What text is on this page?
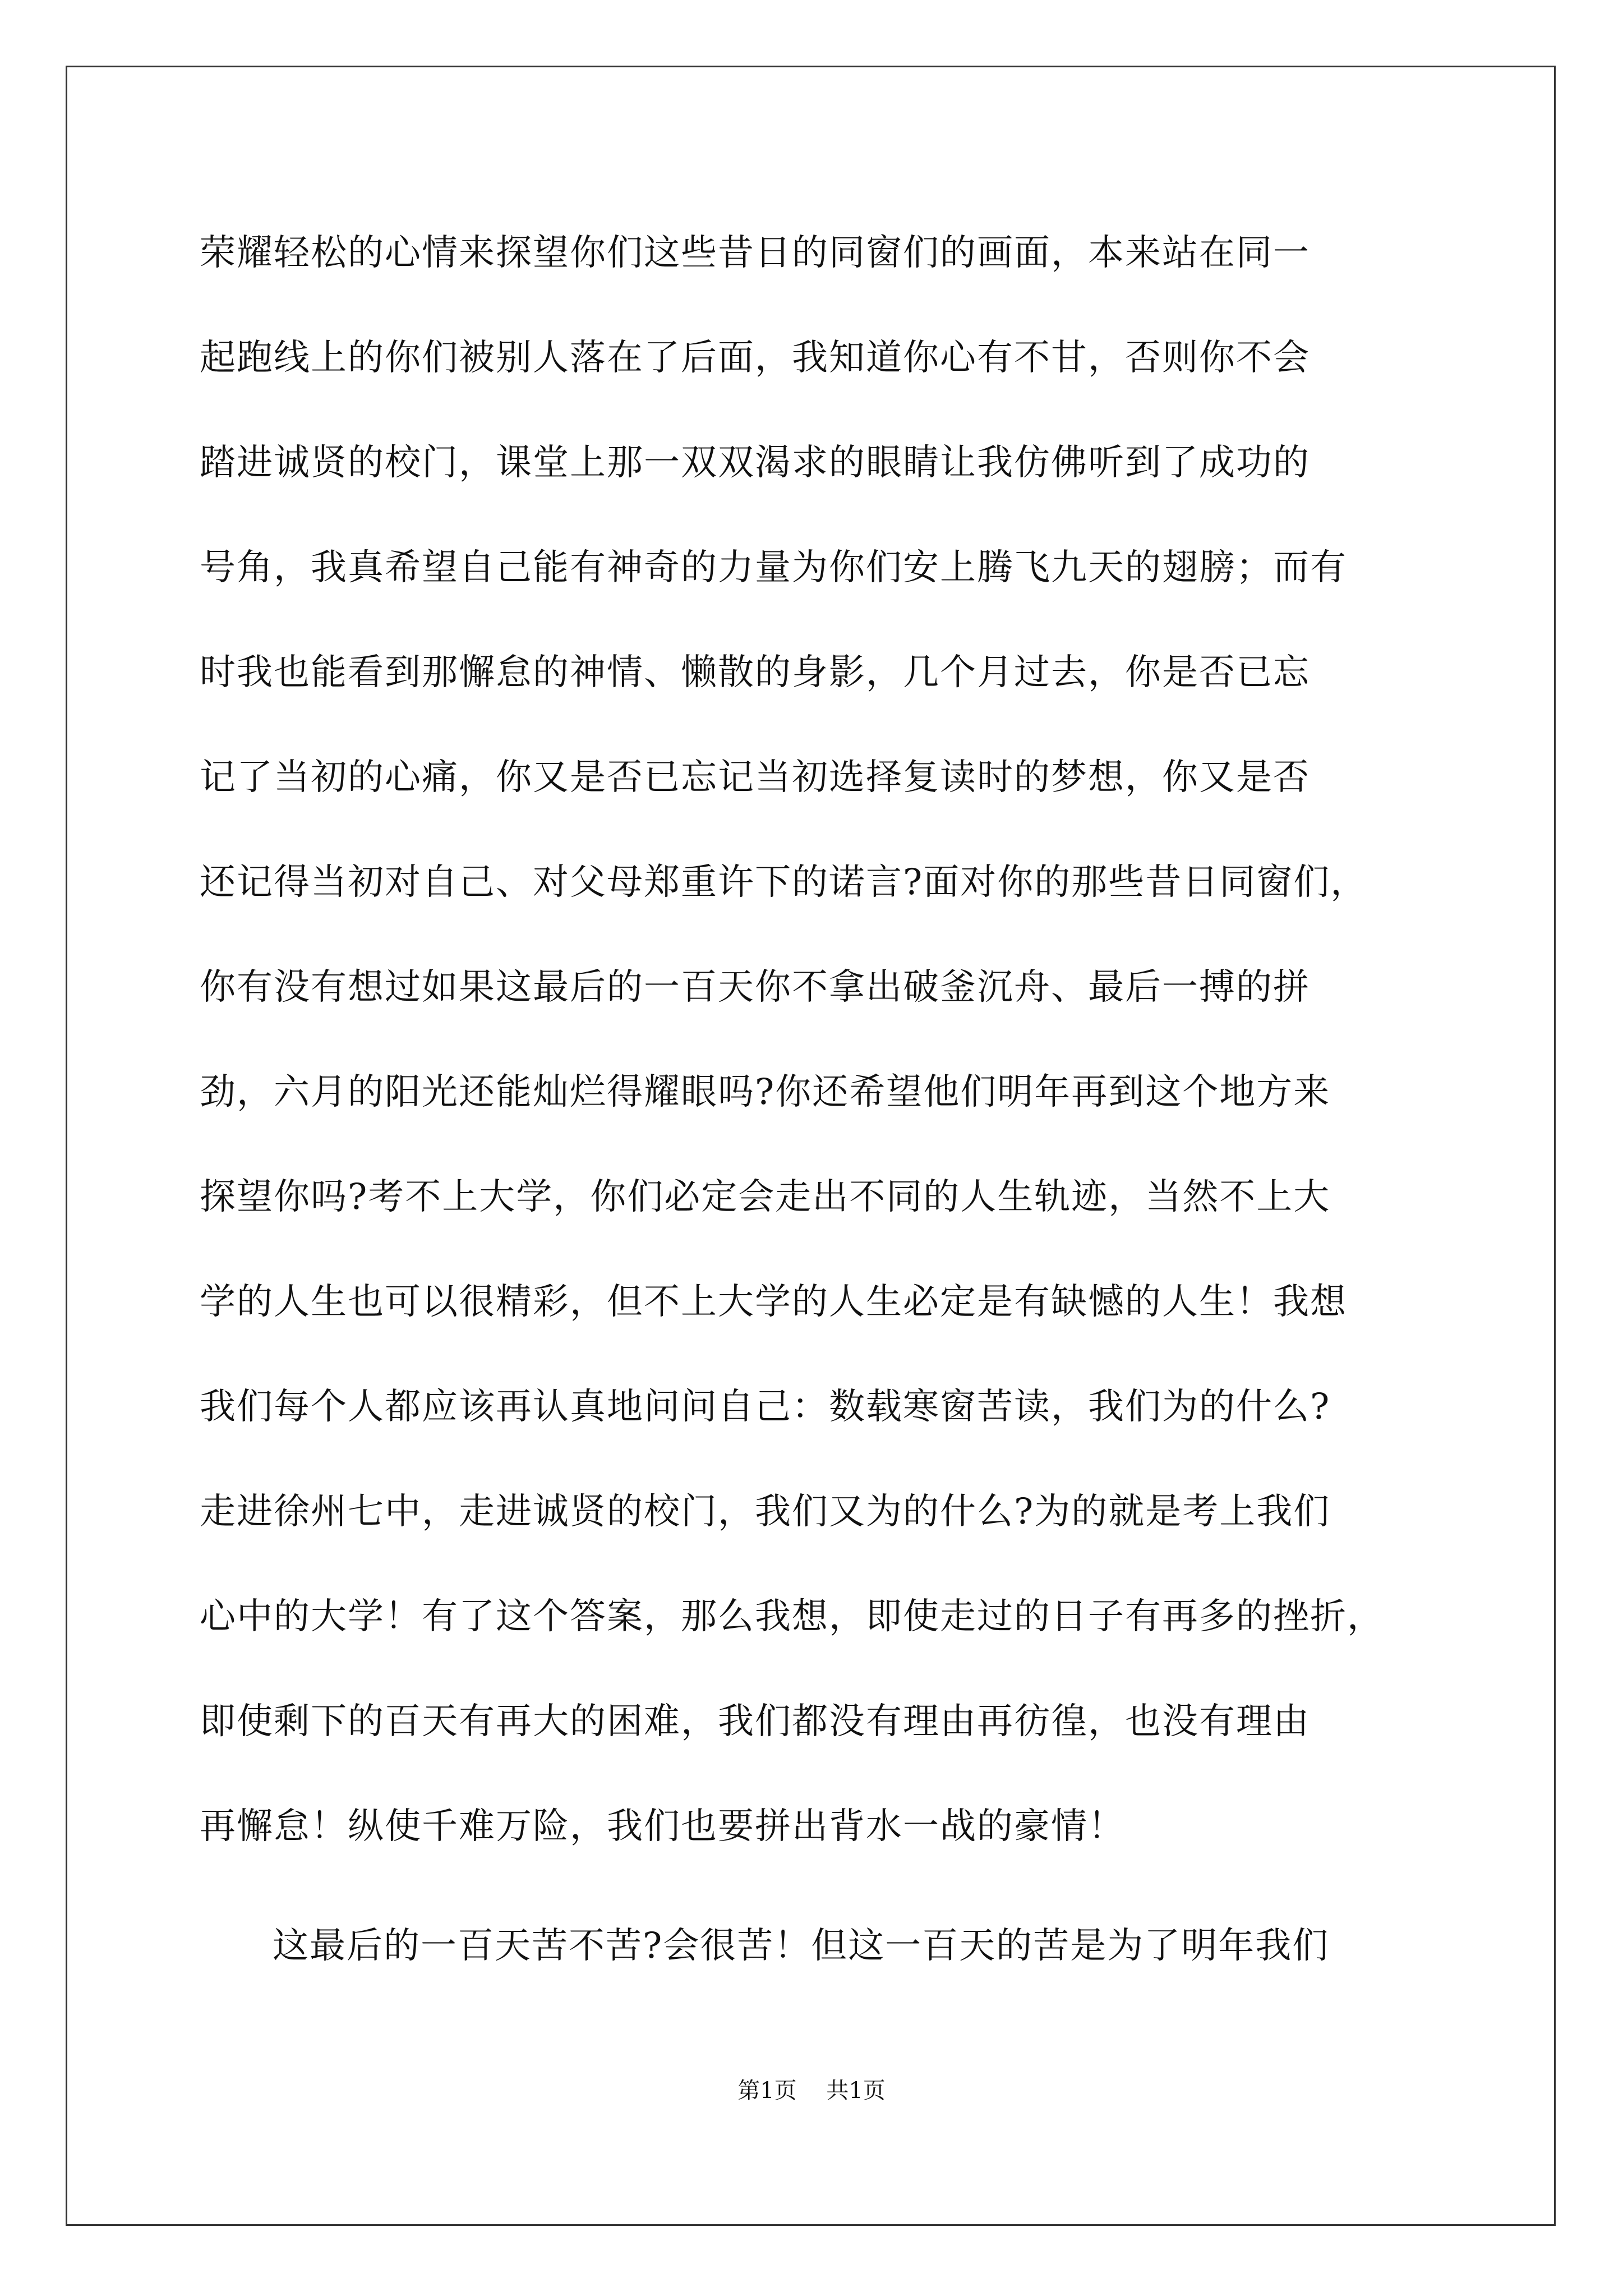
荣耀轻松的心情来探望你们这些昔日的同窗们的画面，本来站在同一
起跑线上的你们被别人落在了后面，我知道你心有不甘，否则你不会
踏进诚贤的校门，课堂上那一双双渴求的眼睛让我仿佛听到了成功的
号角，我真希望自己能有神奇的力量为你们安上腾飞九天的翅膀；而有
时我也能看到那懈怠的神情、懒散的身影，几个月过去，你是否已忘
记了当初的心痛，你又是否已忘记当初选择复读时的梦想，你又是否
还记得当初对自己、对父母郑重许下的诺言?面对你的那些昔日同窗们，
你有没有想过如果这最后的一百天你不拿出破釜沉舟、最后一搏的拼
劲，六月的阳光还能灿烂得耀眼吗?你还希望他们明年再到这个地方来
探望你吗?考不上大学，你们必定会走出不同的人生轨迹，当然不上大
学的人生也可以很精彩，但不上大学的人生必定是有缺憾的人生！我想
我们每个人都应该再认真地问问自己：数载寒窗苦读，我们为的什么?
走进徐州七中，走进诚贤的校门，我们又为的什么?为的就是考上我们
心中的大学！有了这个答案，那么我想，即使走过的日子有再多的挫折，
即使剩下的百天有再大的困难，我们都没有理由再彷徨，也没有理由
再懈怠！纵使千难万险，我们也要拼出背水一战的豪情！
这最后的一百天苦不苦?会很苦！但这一百天的苦是为了明年我们
第1页 共1页
